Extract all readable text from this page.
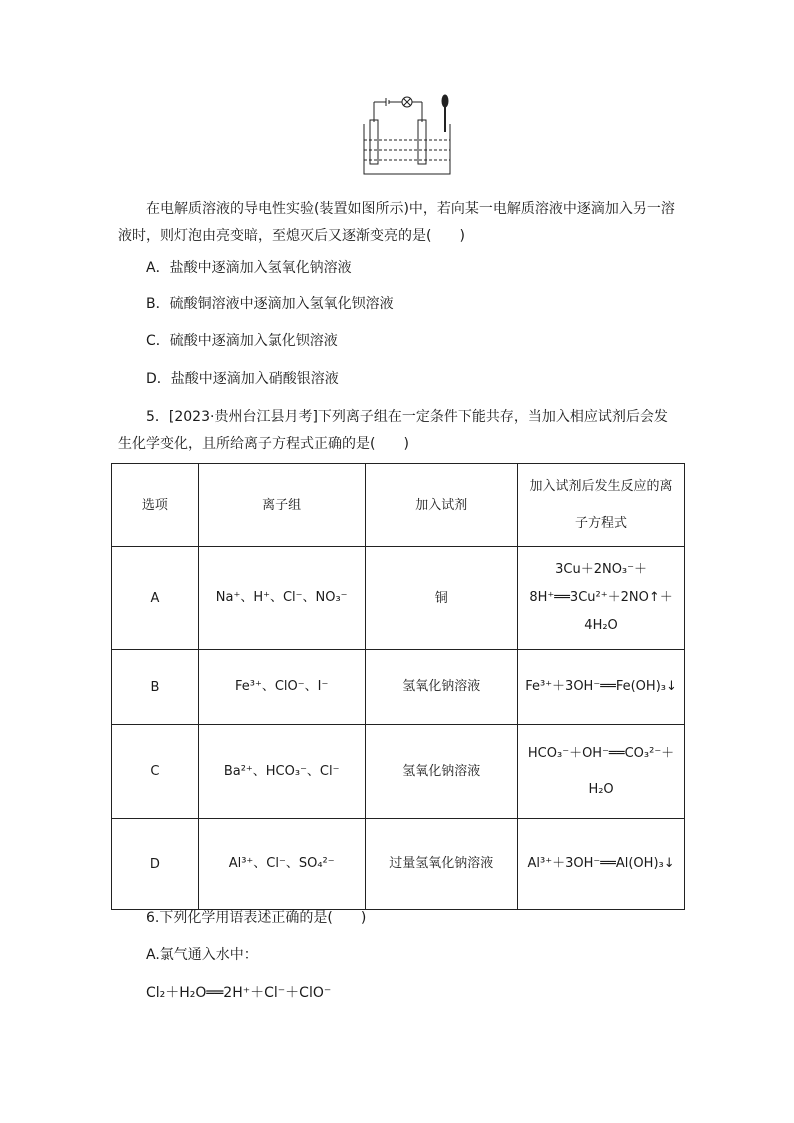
在电解质溶液的导电性实验(装置如图所示)中，若向某一电解质溶液中逐滴加入另一溶液时，则灯泡由亮变暗，至熄灭后又逐渐变亮的是(　　)
A．盐酸中逐滴加入氢氧化钠溶液
B．硫酸铜溶液中逐滴加入氢氧化钡溶液
C．硫酸中逐滴加入氯化钡溶液
D．盐酸中逐滴加入硝酸银溶液
5．[2023·贵州台江县月考]下列离子组在一定条件下能共存，当加入相应试剂后会发生化学变化，且所给离子方程式正确的是(　　)
选项	离子组	加入试剂	加入试剂后发生反应的离子方程式
A	Na⁺、H⁺、Cl⁻、NO₃⁻	铜	3Cu＋2NO₃⁻＋8H⁺══3Cu²⁺＋2NO↑＋4H₂O
B	Fe³⁺、ClO⁻、I⁻	氢氧化钠溶液	Fe³⁺＋3OH⁻══Fe(OH)₃↓
C	Ba²⁺、HCO₃⁻、Cl⁻	氢氧化钠溶液	HCO₃⁻＋OH⁻══CO₃²⁻＋H₂O
D	Al³⁺、Cl⁻、SO₄²⁻	过量氢氧化钠溶液	Al³⁺＋3OH⁻══Al(OH)₃↓
6.下列化学用语表述正确的是(　　)
A.氯气通入水中：
Cl₂＋H₂O══2H⁺＋Cl⁻＋ClO⁻
